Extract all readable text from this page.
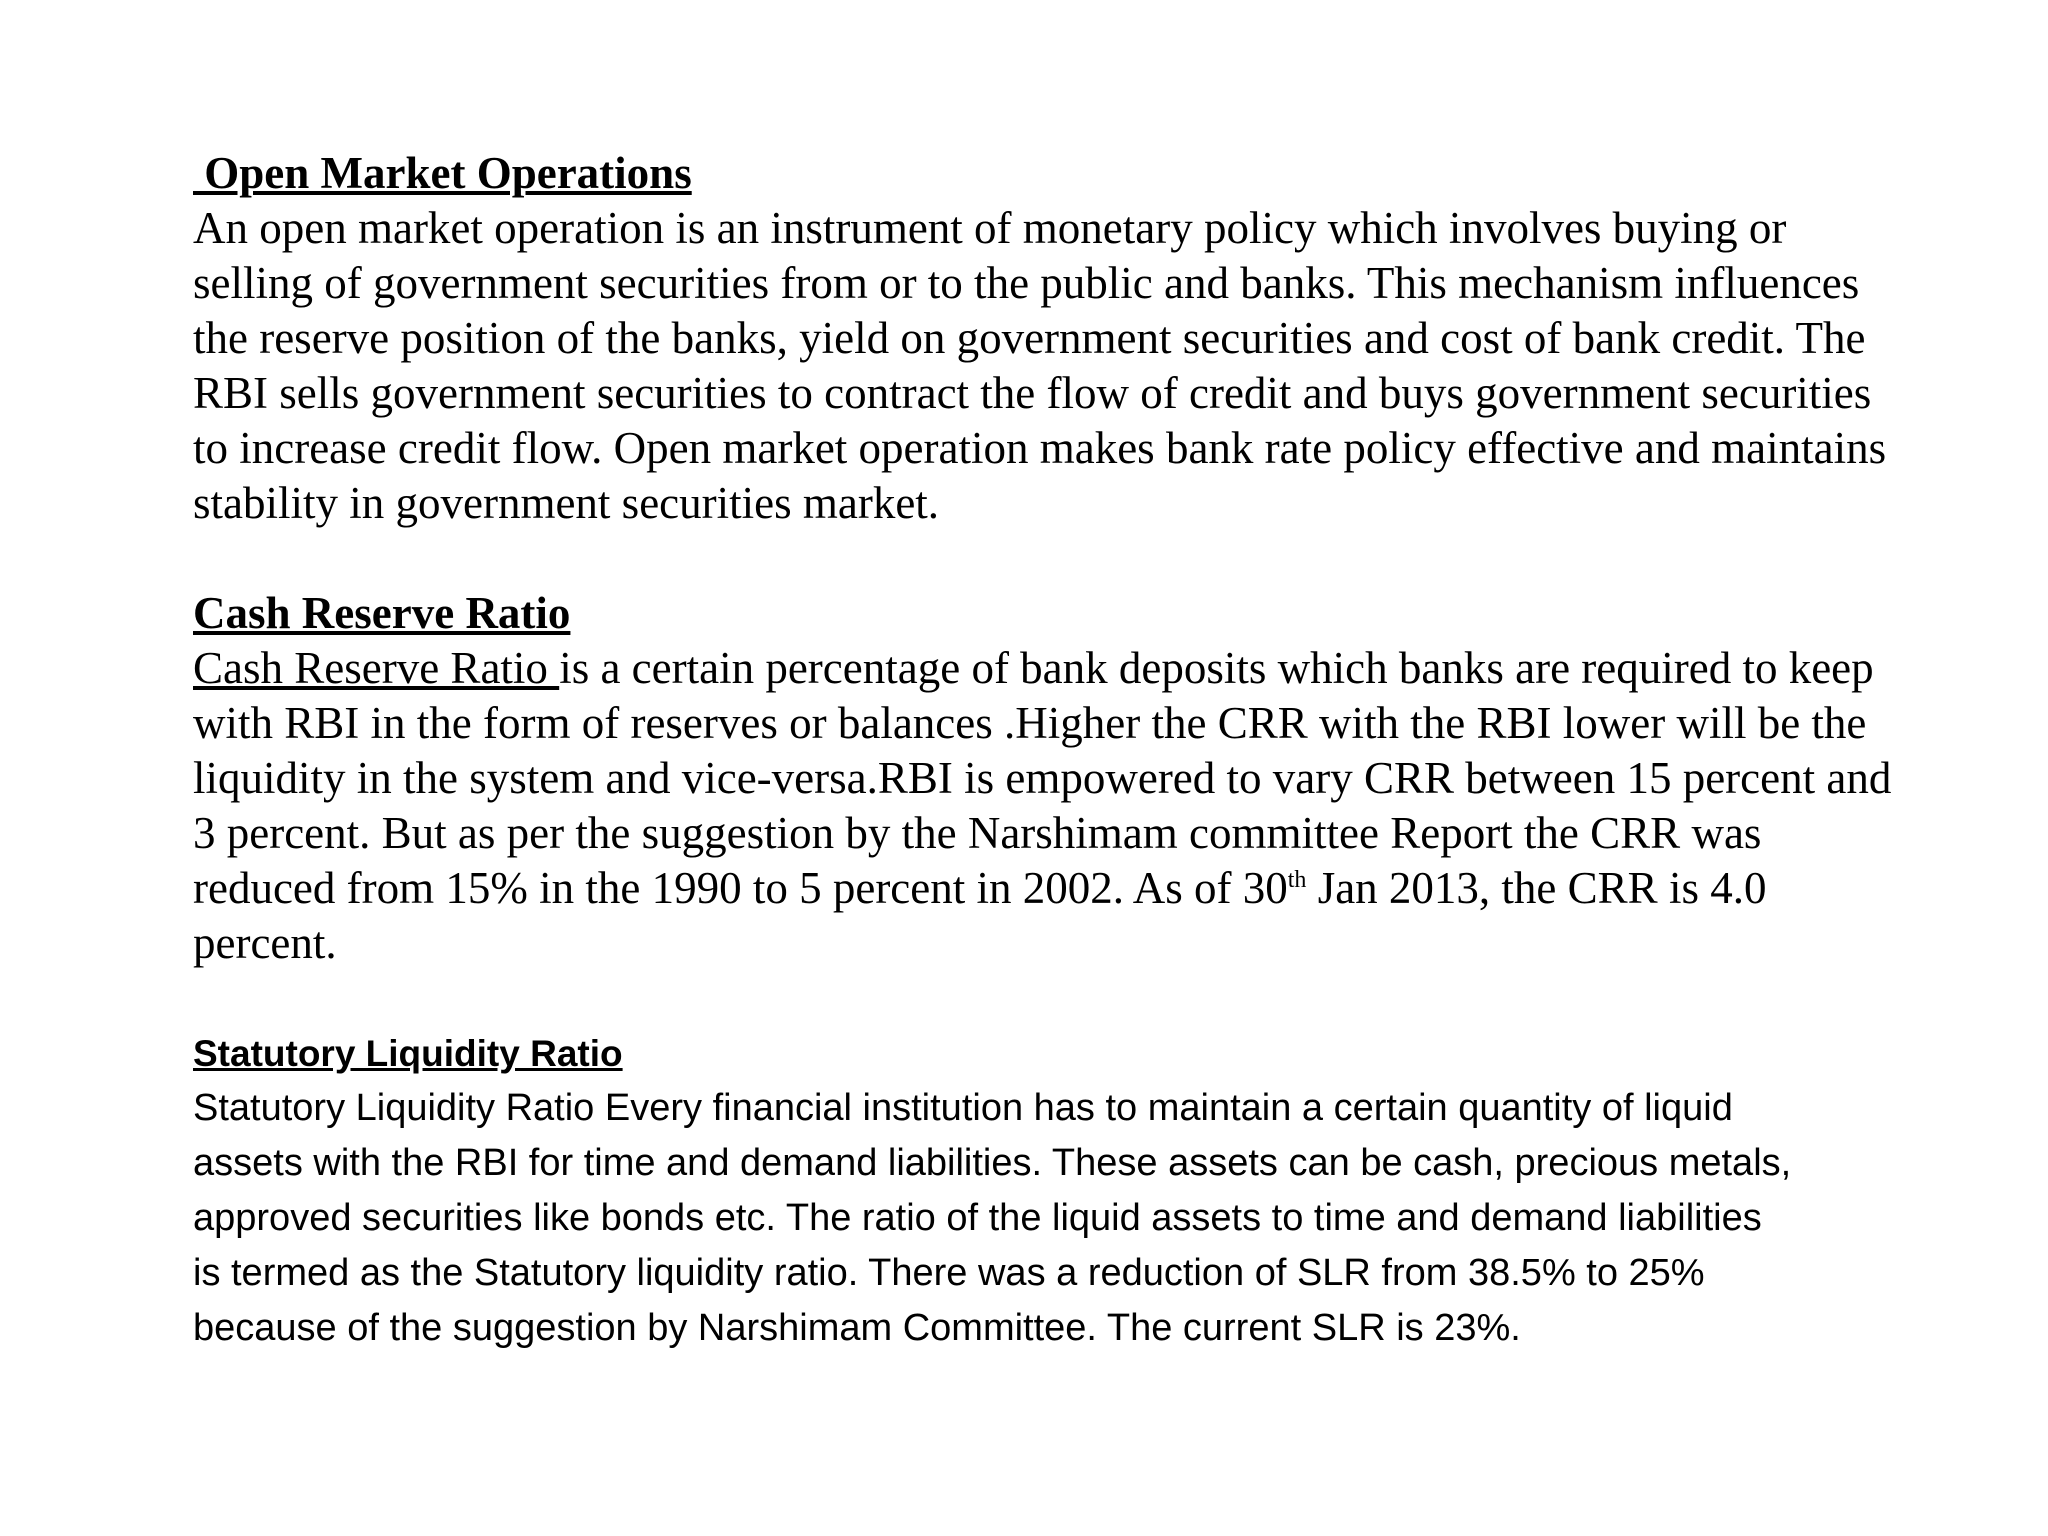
Open Market Operations
An open market operation is an instrument of monetary policy which involves buying or
selling of government securities from or to the public and banks. This mechanism influences
the reserve position of the banks, yield on government securities and cost of bank credit. The
RBI sells government securities to contract the flow of credit and buys government securities
to increase credit flow. Open market operation makes bank rate policy effective and maintains
stability in government securities market.
Cash Reserve Ratio
Cash Reserve Ratio is a certain percentage of bank deposits which banks are required to keep
with RBI in the form of reserves or balances .Higher the CRR with the RBI lower will be the
liquidity in the system and vice-versa.RBI is empowered to vary CRR between 15 percent and
3 percent. But as per the suggestion by the Narshimam committee Report the CRR was
reduced from 15% in the 1990 to 5 percent in 2002. As of 30th Jan 2013, the CRR is 4.0
percent.
Statutory Liquidity Ratio
Statutory Liquidity Ratio Every financial institution has to maintain a certain quantity of liquid
assets with the RBI for time and demand liabilities. These assets can be cash, precious metals,
approved securities like bonds etc. The ratio of the liquid assets to time and demand liabilities
is termed as the Statutory liquidity ratio. There was a reduction of SLR from 38.5% to 25%
because of the suggestion by Narshimam Committee. The current SLR is 23%.
